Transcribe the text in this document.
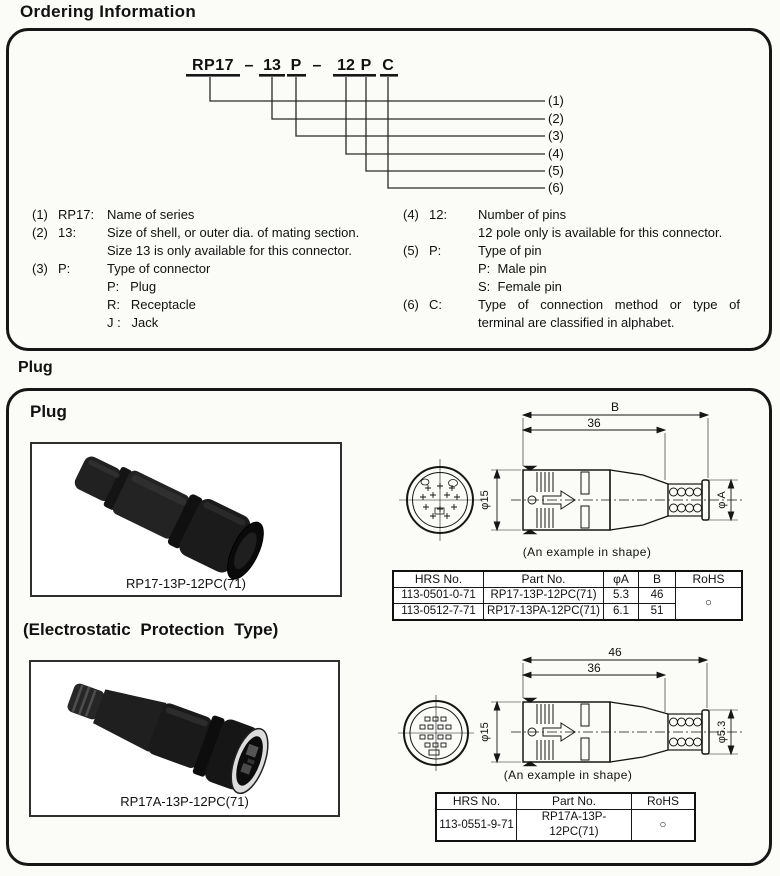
Ordering Information
RP17 – 13 P – 12 P C
(1)
(2)
(3)
(4)
(5)
(6)
(1) RP17: Name of series
(2) 13:	Size of shell, or outer dia. of mating section.
Size 13 is only available for this connector.
(3) P:	Type of connector
P:   Plug
R:   Receptacle
J :   Jack
(4) 12:	Number of pins
12 pole only is available for this connector.
(5) P:	Type of pin
P:  Male pin
S:  Female pin
(6) C:	Type of connection method or type of
terminal are classified in alphabet.
Plug
Plug
RP17-13P-12PC(71)
B
36
φ15	φ A
(An example in shape)
HRS No.	Part No.	φA	B	RoHS
113-0501-0-71	RP17-13P-12PC(71)	5.3	46	○
113-0512-7-71	RP17-13PA-12PC(71)	6.1	51	
(Electrostatic Protection Type)
RP17A-13P-12PC(71)
46
36
φ15	φ5.3
(An example in shape)
HRS No.	Part No.	RoHS
113-0551-9-71	RP17A-13P-12PC(71)	○
